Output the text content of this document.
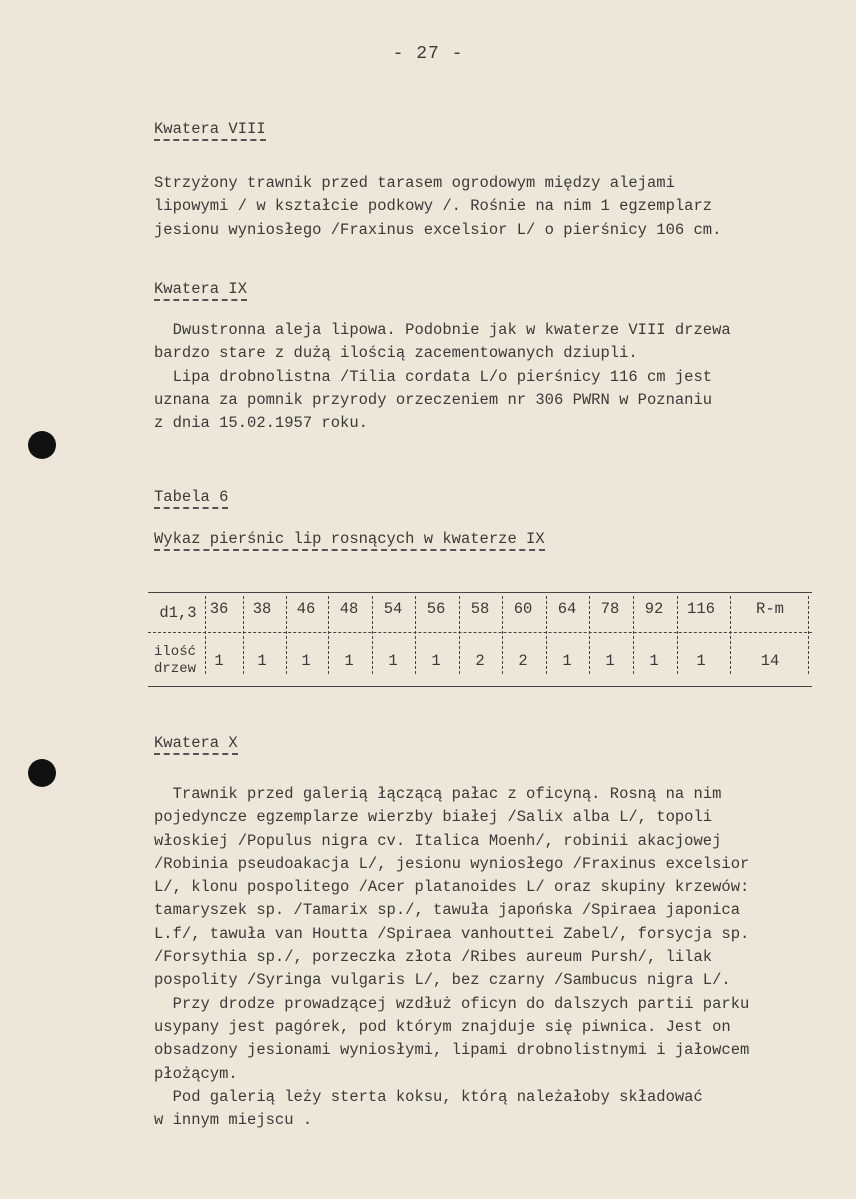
- 27 -
Kwatera VIII
Strzyżony trawnik przed tarasem ogrodowym między alejami
lipowymi / w kształcie podkowy /. Rośnie na nim 1 egzemplarz
jesionu wyniosłego /Fraxinus excelsior L/ o pierśnicy 106 cm.
Kwatera IX
Dwustronna aleja lipowa. Podobnie jak w kwaterze VIII drzewa
bardzo stare z dużą ilością zacementowanych dziupli.
Lipa drobnolistna /Tilia cordata L/o pierśnicy 116 cm jest
uznana za pomnik przyrody orzeczeniem nr 306 PWRN w Poznaniu
z dnia 15.02.1957 roku.
Tabela 6
Wykaz pierśnic lip rosnących w kwaterze IX
d1,3
ilość
drzew
36
1
38
1
46
1
48
1
54
1
56
1
58
2
60
2
64
1
78
1
92
1
116
1
R-m
14
Kwatera X
Trawnik przed galerią łączącą pałac z oficyną. Rosną na nim
pojedyncze egzemplarze wierzby białej /Salix alba L/, topoli
włoskiej /Populus nigra cv. Italica Moenh/, robinii akacjowej
/Robinia pseudoakacja L/, jesionu wyniosłego /Fraxinus excelsior
L/, klonu pospolitego /Acer platanoides L/ oraz skupiny krzewów:
tamaryszek sp. /Tamarix sp./, tawuła japońska /Spiraea japonica
L.f/, tawuła van Houtta /Spiraea vanhouttei Zabel/, forsycja sp.
/Forsythia sp./, porzeczka złota /Ribes aureum Pursh/, lilak
pospolity /Syringa vulgaris L/, bez czarny /Sambucus nigra L/.
Przy drodze prowadzącej wzdłuż oficyn do dalszych partii parku
usypany jest pagórek, pod którym znajduje się piwnica. Jest on
obsadzony jesionami wyniosłymi, lipami drobnolistnymi i jałowcem
płożącym.
Pod galerią leży sterta koksu, którą należałoby składować
w innym miejscu .
